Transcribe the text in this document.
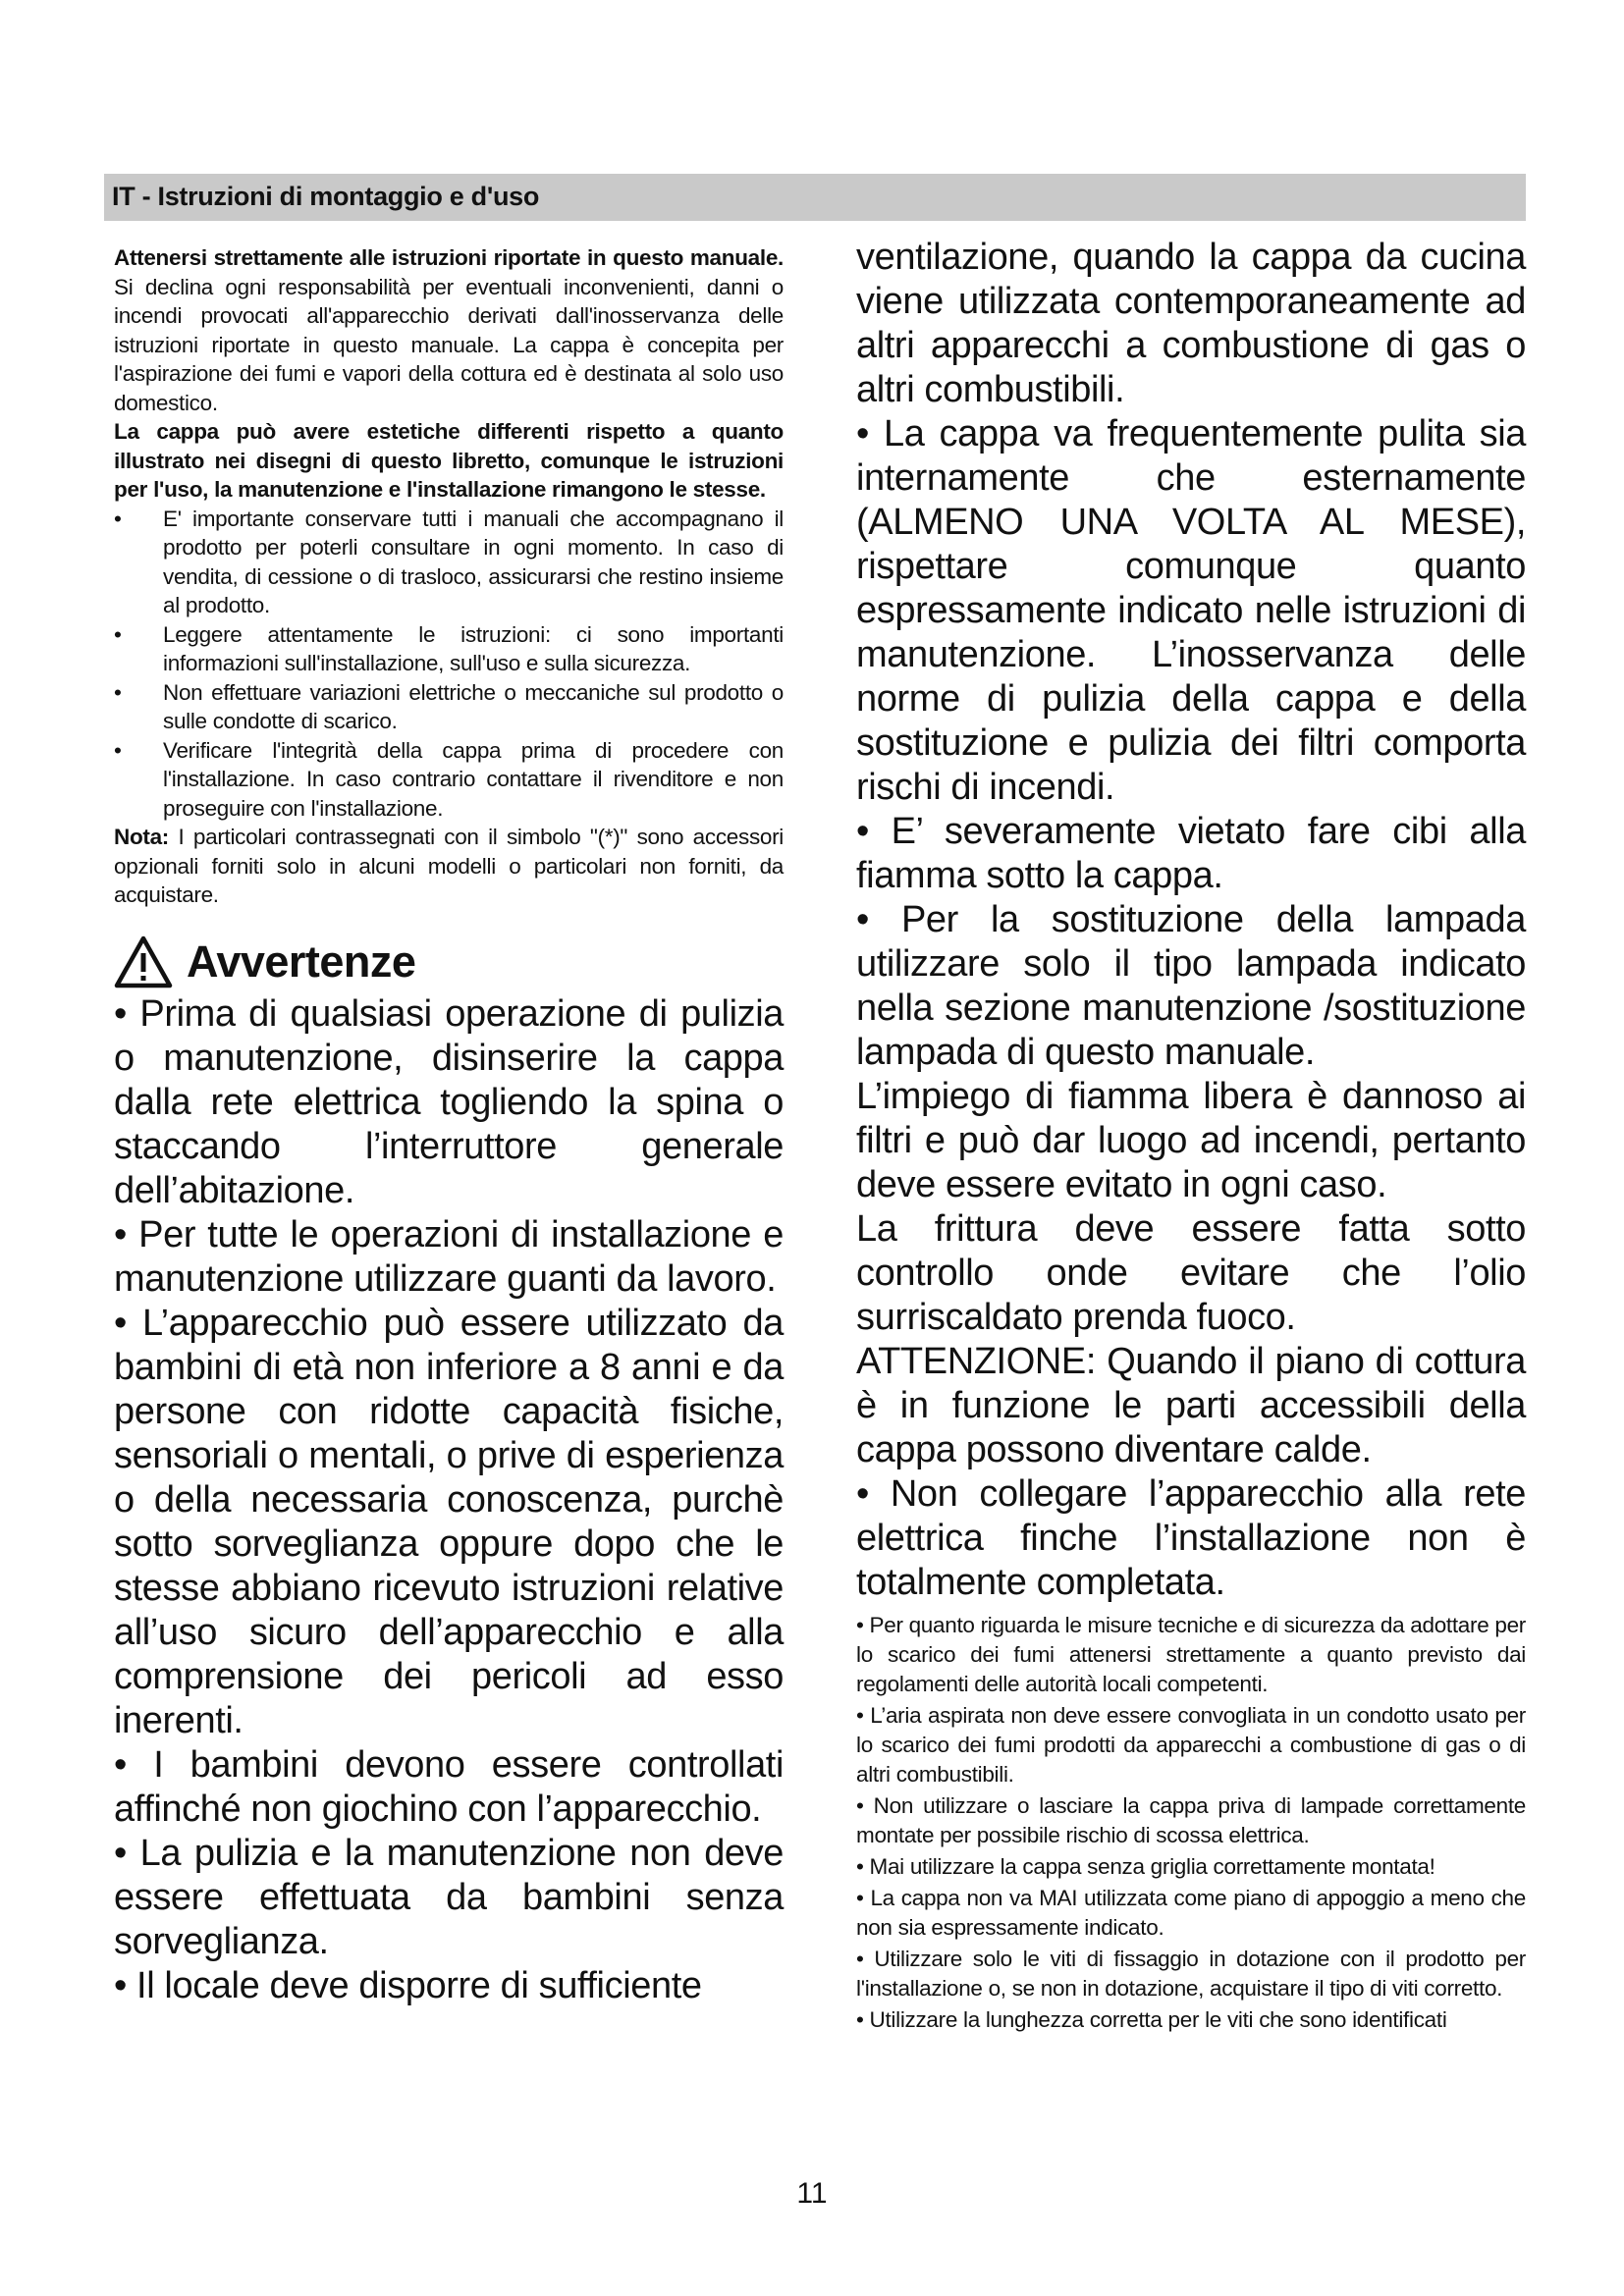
IT - Istruzioni di montaggio e d'uso

Attenersi strettamente alle istruzioni riportate in questo manuale. Si declina ogni responsabilità per eventuali inconvenienti, danni o incendi provocati all'apparecchio derivati dall'inosservanza delle istruzioni riportate in questo manuale. La cappa è concepita per l'aspirazione dei fumi e vapori della cottura ed è destinata al solo uso domestico.

La cappa può avere estetiche differenti rispetto a quanto illustrato nei disegni di questo libretto, comunque le istruzioni per l'uso, la manutenzione e l'installazione rimangono le stesse.

• E' importante conservare tutti i manuali che accompagnano il prodotto per poterli consultare in ogni momento. In caso di vendita, di cessione o di trasloco, assicurarsi che restino insieme al prodotto.
• Leggere attentamente le istruzioni: ci sono importanti informazioni sull'installazione, sull'uso e sulla sicurezza.
• Non effettuare variazioni elettriche o meccaniche sul prodotto o sulle condotte di scarico.
• Verificare l'integrità della cappa prima di procedere con l'installazione. In caso contrario contattare il rivenditore e non proseguire con l'installazione.

Nota: I particolari contrassegnati con il simbolo "(*)" sono accessori opzionali forniti solo in alcuni modelli o particolari non forniti, da acquistare.

Avvertenze

• Prima di qualsiasi operazione di pulizia o manutenzione, disinserire la cappa dalla rete elettrica togliendo la spina o staccando l’interruttore generale dell’abitazione.

• Per tutte le operazioni di installazione e manutenzione utilizzare guanti da lavoro.

• L’apparecchio può essere utilizzato da bambini di età non inferiore a 8 anni e da persone con ridotte capacità fisiche, sensoriali o mentali, o prive di esperienza o della necessaria conoscenza, purchè sotto sorveglianza oppure dopo che le stesse abbiano ricevuto istruzioni relative all’uso sicuro dell’apparecchio e alla comprensione dei pericoli ad esso inerenti.

• I bambini devono essere controllati affinché non giochino con l’apparecchio.

• La pulizia e la manutenzione non deve essere effettuata da bambini senza sorveglianza.

• Il locale deve disporre di sufficiente

ventilazione, quando la cappa da cucina viene utilizzata contemporaneamente ad altri apparecchi a combustione di gas o altri combustibili.

• La cappa va frequentemente pulita sia internamente che esternamente (ALMENO UNA VOLTA AL MESE), rispettare comunque quanto espressamente indicato nelle istruzioni di manutenzione. L’inosservanza delle norme di pulizia della cappa e della sostituzione e pulizia dei filtri comporta rischi di incendi.

• E’ severamente vietato fare cibi alla fiamma sotto la cappa.

• Per la sostituzione della lampada utilizzare solo il tipo lampada indicato nella sezione manutenzione /sostituzione lampada di questo manuale.

L’impiego di fiamma libera è dannoso ai filtri e può dar luogo ad incendi, pertanto deve essere evitato in ogni caso.

La frittura deve essere fatta sotto controllo onde evitare che l’olio surriscaldato prenda fuoco.

ATTENZIONE: Quando il piano di cottura è in funzione le parti accessibili della cappa possono diventare calde.

• Non collegare l’apparecchio alla rete elettrica finche l’installazione non è totalmente completata.

• Per quanto riguarda le misure tecniche e di sicurezza da adottare per lo scarico dei fumi attenersi strettamente a quanto previsto dai regolamenti delle autorità locali competenti.

• L’aria aspirata non deve essere convogliata in un condotto usato per lo scarico dei fumi prodotti da apparecchi a combustione di gas o di altri combustibili.

• Non utilizzare o lasciare la cappa priva di lampade correttamente montate per possibile rischio di scossa elettrica.

• Mai utilizzare la cappa senza griglia correttamente montata!

• La cappa non va MAI utilizzata come piano di appoggio a meno che non sia espressamente indicato.

• Utilizzare solo le viti di fissaggio in dotazione con il prodotto per l'installazione o, se non in dotazione, acquistare il tipo di viti corretto.

• Utilizzare la lunghezza corretta per le viti che sono identificati

11
